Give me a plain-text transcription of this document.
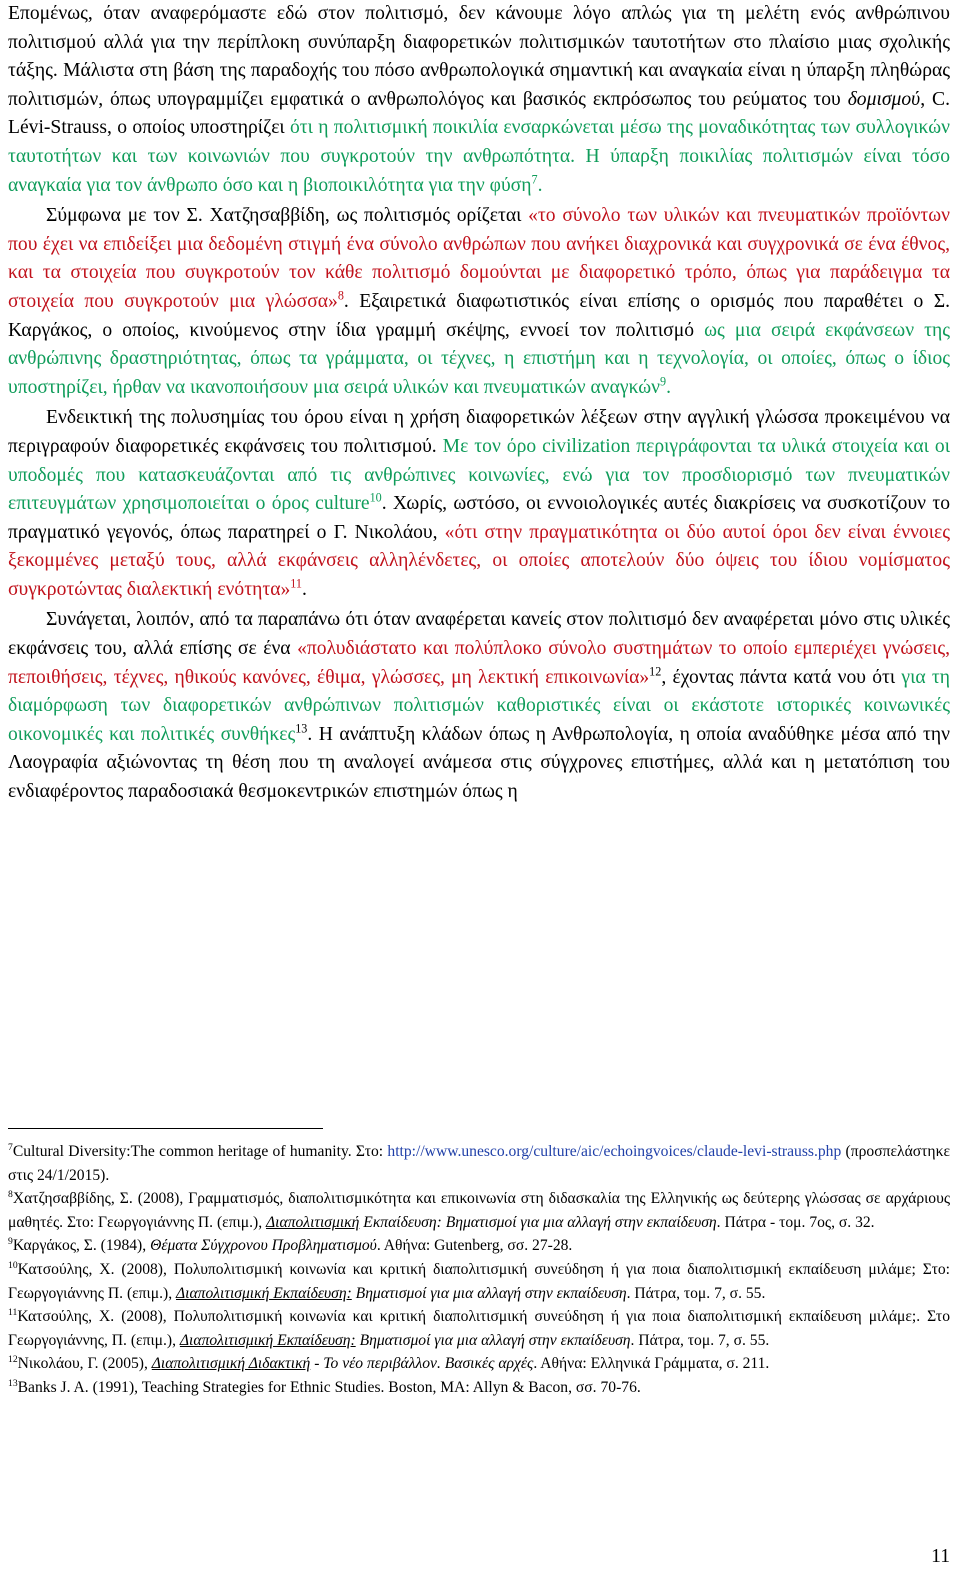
Επομένως, όταν αναφερόμαστε εδώ στον πολιτισμό, δεν κάνουμε λόγο απλώς για τη μελέτη ενός ανθρώπινου πολιτισμού αλλά για την περίπλοκη συνύπαρξη διαφορετικών πολιτισμικών ταυτοτήτων στο πλαίσιο μιας σχολικής τάξης. Μάλιστα στη βάση της παραδοχής του πόσο ανθρωπολογικά σημαντική και αναγκαία είναι η ύπαρξη πληθώρας πολιτισμών, όπως υπογραμμίζει εμφατικά ο ανθρωπολόγος και βασικός εκπρόσωπος του ρεύματος του δομισμού, C. Lévi-Strauss, ο οποίος υποστηρίζει ότι η πολιτισμική ποικιλία ενσαρκώνεται μέσω της μοναδικότητας των συλλογικών ταυτοτήτων και των κοινωνιών που συγκροτούν την ανθρωπότητα. Η ύπαρξη ποικιλίας πολιτισμών είναι τόσο αναγκαία για τον άνθρωπο όσο και η βιοποικιλότητα για την φύση$^7$.

Σύμφωνα με τον Σ. Χατζησαββίδη, ως πολιτισμός ορίζεται «το σύνολο των υλικών και πνευματικών προϊόντων που έχει να επιδείξει μια δεδομένη στιγμή ένα σύνολο ανθρώπων που ανήκει διαχρονικά και συγχρονικά σε ένα έθνος, και τα στοιχεία που συγκροτούν τον κάθε πολιτισμό δομούνται με διαφορετικό τρόπο, όπως για παράδειγμα τα στοιχεία που συγκροτούν μια γλώσσα»$^8$. Εξαιρετικά διαφωτιστικός είναι επίσης ο ορισμός που παραθέτει ο Σ. Καργάκος, ο οποίος, κινούμενος στην ίδια γραμμή σκέψης, εννοεί τον πολιτισμό ως μια σειρά εκφάνσεων της ανθρώπινης δραστηριότητας, όπως τα γράμματα, οι τέχνες, η επιστήμη και η τεχνολογία, οι οποίες, όπως ο ίδιος υποστηρίζει, ήρθαν να ικανοποιήσουν μια σειρά υλικών και πνευματικών αναγκών$^9$.

Ενδεικτική της πολυσημίας του όρου είναι η χρήση διαφορετικών λέξεων στην αγγλική γλώσσα προκειμένου να περιγραφούν διαφορετικές εκφάνσεις του πολιτισμού. Με τον όρο civilization περιγράφονται τα υλικά στοιχεία και οι υποδομές που κατασκευάζονται από τις ανθρώπινες κοινωνίες, ενώ για τον προσδιορισμό των πνευματικών επιτευγμάτων χρησιμοποιείται ο όρος culture$^{10}$. Χωρίς, ωστόσο, οι εννοιολογικές αυτές διακρίσεις να συσκοτίζουν το πραγματικό γεγονός, όπως παρατηρεί ο Γ. Νικολάου, «ότι στην πραγματικότητα οι δύο αυτοί όροι δεν είναι έννοιες ξεκομμένες μεταξύ τους, αλλά εκφάνσεις αλληλένδετες, οι οποίες αποτελούν δύο όψεις του ίδιου νομίσματος συγκροτώντας διαλεκτική ενότητα»$^{11}$.

Συνάγεται, λοιπόν, από τα παραπάνω ότι όταν αναφέρεται κανείς στον πολιτισμό δεν αναφέρεται μόνο στις υλικές εκφάνσεις του, αλλά επίσης σε ένα «πολυδιάστατο και πολύπλοκο σύνολο συστημάτων το οποίο εμπεριέχει γνώσεις, πεποιθήσεις, τέχνες, ηθικούς κανόνες, έθιμα, γλώσσες, μη λεκτική επικοινωνία»$^{12}$, έχοντας πάντα κατά νου ότι για τη διαμόρφωση των διαφορετικών ανθρώπινων πολιτισμών καθοριστικές είναι οι εκάστοτε ιστορικές κοινωνικές οικονομικές και πολιτικές συνθήκες$^{13}$. Η ανάπτυξη κλάδων όπως η Ανθρωπολογία, η οποία αναδύθηκε μέσα από την Λαογραφία αξιώνοντας τη θέση που τη αναλογεί ανάμεσα στις σύγχρονες επιστήμες, αλλά και η μετατόπιση του ενδιαφέροντος παραδοσιακά θεσμοκεντρικών επιστημών όπως η

$^7$Cultural Diversity:The common heritage of humanity. Στο: http://www.unesco.org/culture/aic/echoingvoices/claude-levi-strauss.php (προσπελάστηκε στις 24/1/2015).

$^8$Χατζησαββίδης, Σ. (2008), Γραμματισμός, διαπολιτισμικότητα και επικοινωνία στη διδασκαλία της Ελληνικής ως δεύτερης γλώσσας σε αρχάριους μαθητές. Στο: Γεωργογιάννης Π. (επιμ.), Διαπολιτισμική Εκπαίδευση: Βηματισμοί για μια αλλαγή στην εκπαίδευση. Πάτρα - τομ. 7ος, σ. 32.

$^9$Καργάκος, Σ. (1984), Θέματα Σύγχρονου Προβληματισμού. Αθήνα: Gutenberg, σσ. 27-28.

$^{10}$Κατσούλης, Χ. (2008), Πολυπολιτισμική κοινωνία και κριτική διαπολιτισμική συνεύδηση ή για ποια διαπολιτισμική εκπαίδευση μιλάμε; Στο: Γεωργογιάννης Π. (επιμ.), Διαπολιτισμική Εκπαίδευση: Βηματισμοί για μια αλλαγή στην εκπαίδευση. Πάτρα, τομ. 7, σ. 55.

$^{11}$Κατσούλης, Χ. (2008), Πολυπολιτισμική κοινωνία και κριτική διαπολιτισμική συνεύδηση ή για ποια διαπολιτισμική εκπαίδευση μιλάμε;. Στο Γεωργογιάννης, Π. (επιμ.), Διαπολιτισμική Εκπαίδευση: Βηματισμοί για μια αλλαγή στην εκπαίδευση. Πάτρα, τομ. 7, σ. 55.

$^{12}$Νικολάου, Γ. (2005), Διαπολιτισμική Διδακτική - Το νέο περιβάλλον. Βασικές αρχές. Αθήνα: Ελληνικά Γράμματα, σ. 211.

$^{13}$Banks J. A. (1991), Teaching Strategies for Ethnic Studies. Boston, MA: Allyn & Bacon, σσ. 70-76.

11
